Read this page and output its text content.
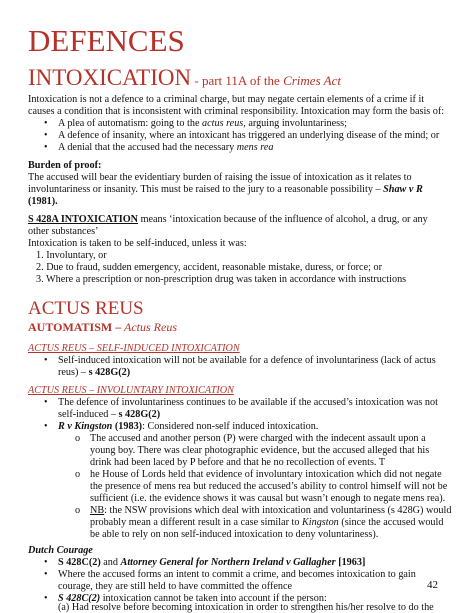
DEFENCES
INTOXICATION - part 11A of the Crimes Act
Intoxication is not a defence to a criminal charge, but may negate certain elements of a crime if it
causes a condition that is inconsistent with criminal responsibility. Intoxication may form the basis of:
• A plea of automatism: going to the actus reus, arguing involuntariness;
• A defence of insanity, where an intoxicant has triggered an underlying disease of the mind; or
• A denial that the accused had the necessary mens rea
Burden of proof:
The accused will bear the evidentiary burden of raising the issue of intoxication as it relates to
involuntariness or insanity. This must be raised to the jury to a reasonable possibility – Shaw v R
(1981).
S 428A INTOXICATION means ‘intoxication because of the influence of alcohol, a drug, or any
other substances’
Intoxication is taken to be self-induced, unless it was:
1. Involuntary, or
2. Due to fraud, sudden emergency, accident, reasonable mistake, duress, or force; or
3. Where a prescription or non-prescription drug was taken in accordance with instructions
ACTUS REUS
AUTOMATISM – Actus Reus
ACTUS REUS – SELF-INDUCED INTOXICATION
• Self-induced intoxication will not be available for a defence of involuntariness (lack of actus
reus) – s 428G(2)
ACTUS REUS – INVOLUNTARY INTOXICATION
• The defence of involuntariness continues to be available if the accused’s intoxication was not
self-induced – s 428G(2)
• R v Kingston (1983): Considered non-self induced intoxication.
o The accused and another person (P) were charged with the indecent assault upon a
young boy. There was clear photographic evidence, but the accused alleged that his
drink had been laced by P before and that he no recollection of events. T
o he House of Lords held that evidence of involuntary intoxication which did not negate
the presence of mens rea but reduced the accused’s ability to control himself will not be
sufficient (i.e. the evidence shows it was causal but wasn’t enough to negate mens rea).
o NB: the NSW provisions which deal with intoxication and voluntariness (s 428G) would
probably mean a different result in a case similar to Kingston (since the accused would
be able to rely on non self-induced intoxication to deny voluntariness).
Dutch Courage
• S 428C(2) and Attorney General for Northern Ireland v Gallagher [1963]
• Where the accused forms an intent to commit a crime, and becomes intoxication to gain
courage, they are still held to have committed the offence
• S 428C(2) intoxication cannot be taken into account if the person:
(a) Had resolve before becoming intoxication in order to strengthen his/her resolve to do the
42
